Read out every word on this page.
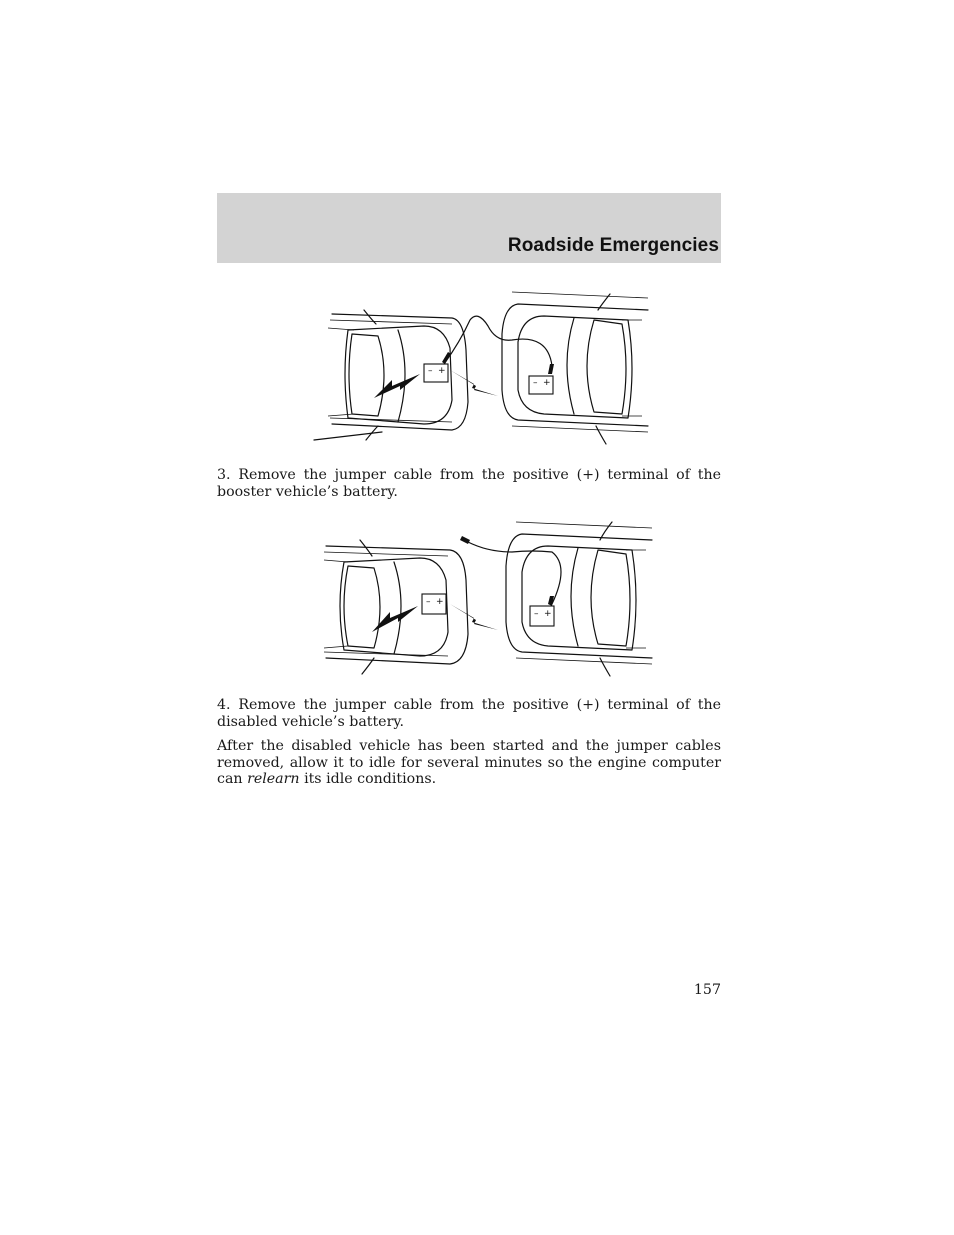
Roadside Emergencies
– +
– +

3. Remove the jumper cable from the positive (+) terminal of the booster vehicle’s battery.

– +
– +

4. Remove the jumper cable from the positive (+) terminal of the disabled vehicle’s battery.

After the disabled vehicle has been started and the jumper cables removed, allow it to idle for several minutes so the engine computer can relearn its idle conditions.

157
